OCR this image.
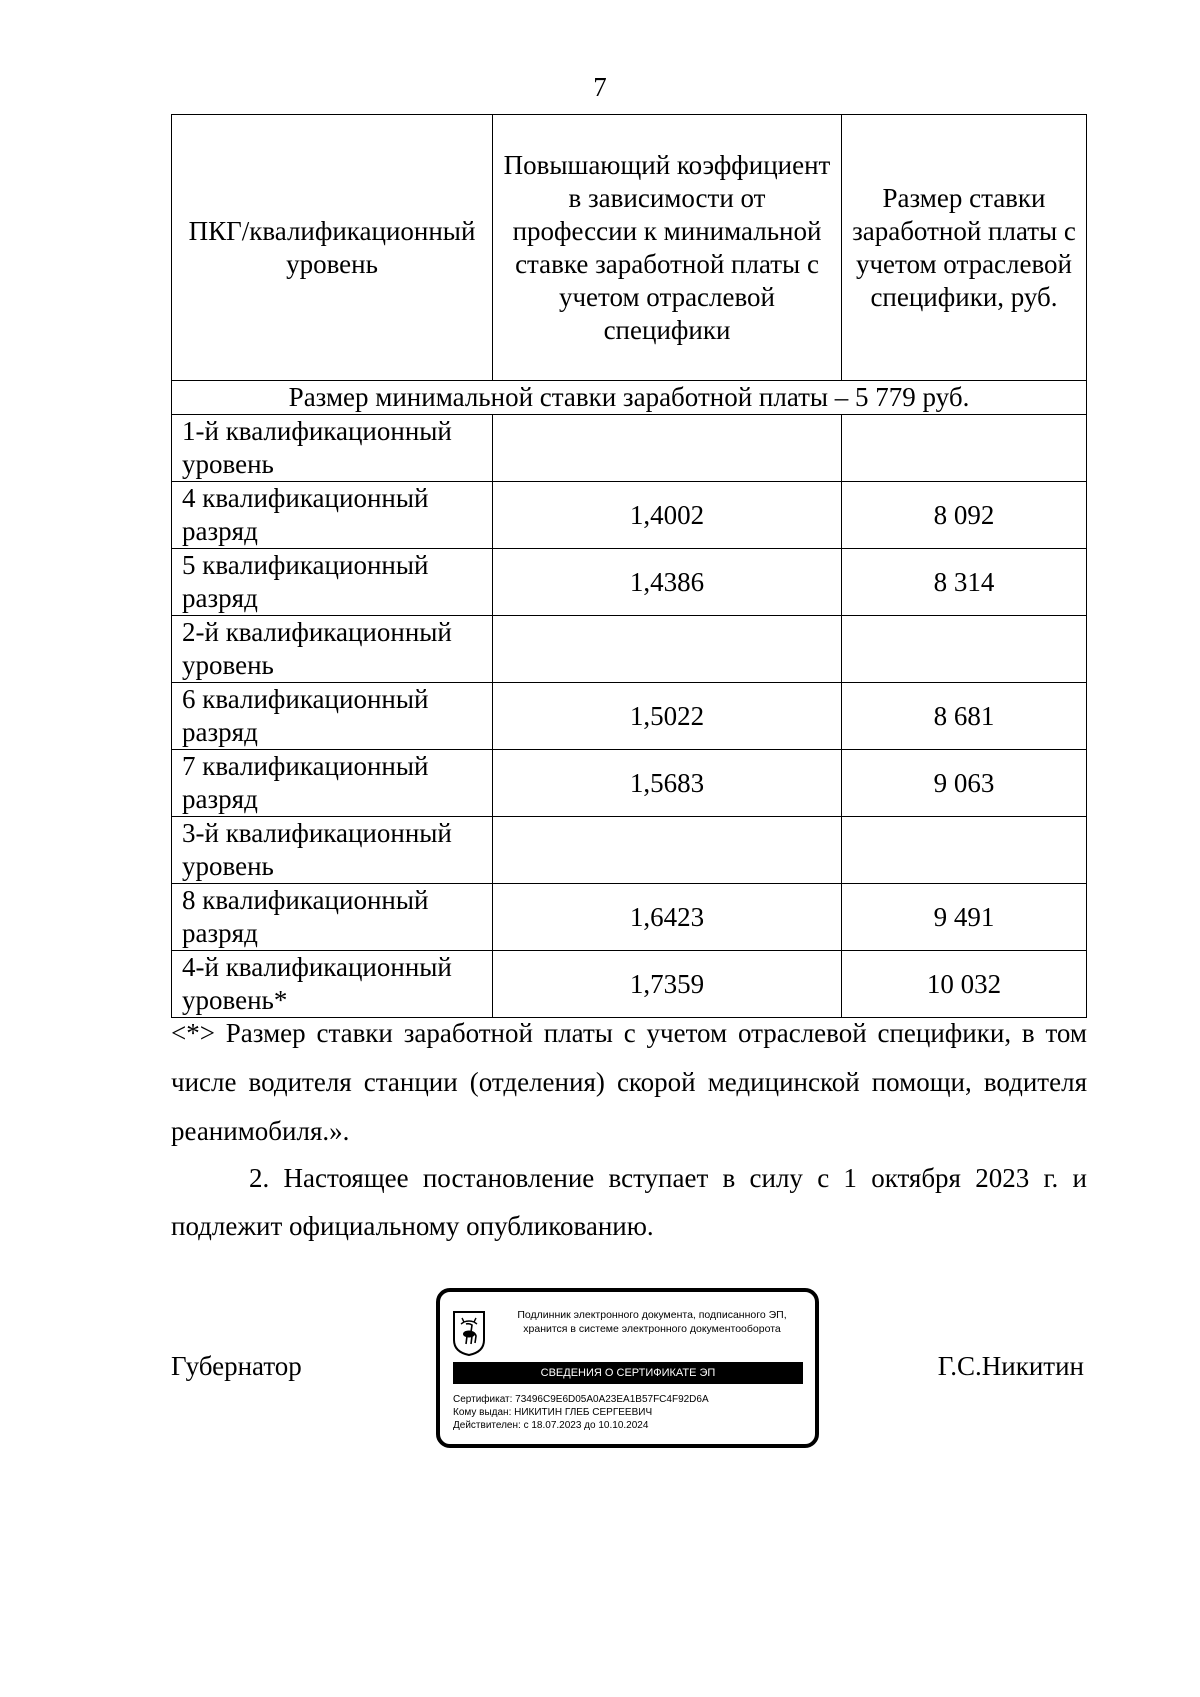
7
ПКГ/квалификационный уровень	Повышающий коэффициент в зависимости от профессии к минимальной ставке заработной платы с учетом отраслевой специфики	Размер ставки заработной платы с учетом отраслевой специфики, руб.
Размер минимальной ставки заработной платы – 5 779 руб.		
1-й квалификационный уровень		
4 квалификационный разряд	1,4002	8 092
5 квалификационный разряд	1,4386	8 314
2-й квалификационный уровень		
6 квалификационный разряд	1,5022	8 681
7 квалификационный разряд	1,5683	9 063
3-й квалификационный уровень		
8 квалификационный разряд	1,6423	9 491
4-й квалификационный уровень*	1,7359	10 032
<*> Размер ставки заработной платы с учетом отраслевой специфики, в том числе водителя станции (отделения) скорой медицинской помощи, водителя реанимобиля.».
2. Настоящее постановление вступает в силу с 1 октября 2023 г. и подлежит официальному опубликованию.
Губернатор
Подлинник электронного документа, подписанного ЭП,
хранится в системе электронного документооборота
СВЕДЕНИЯ О СЕРТИФИКАТЕ ЭП
Сертификат: 73496C9E6D05A0A23EA1B57FC4F92D6A
Кому выдан: НИКИТИН ГЛЕБ СЕРГЕЕВИЧ
Действителен: с 18.07.2023 до 10.10.2024
Г.С.Никитин
